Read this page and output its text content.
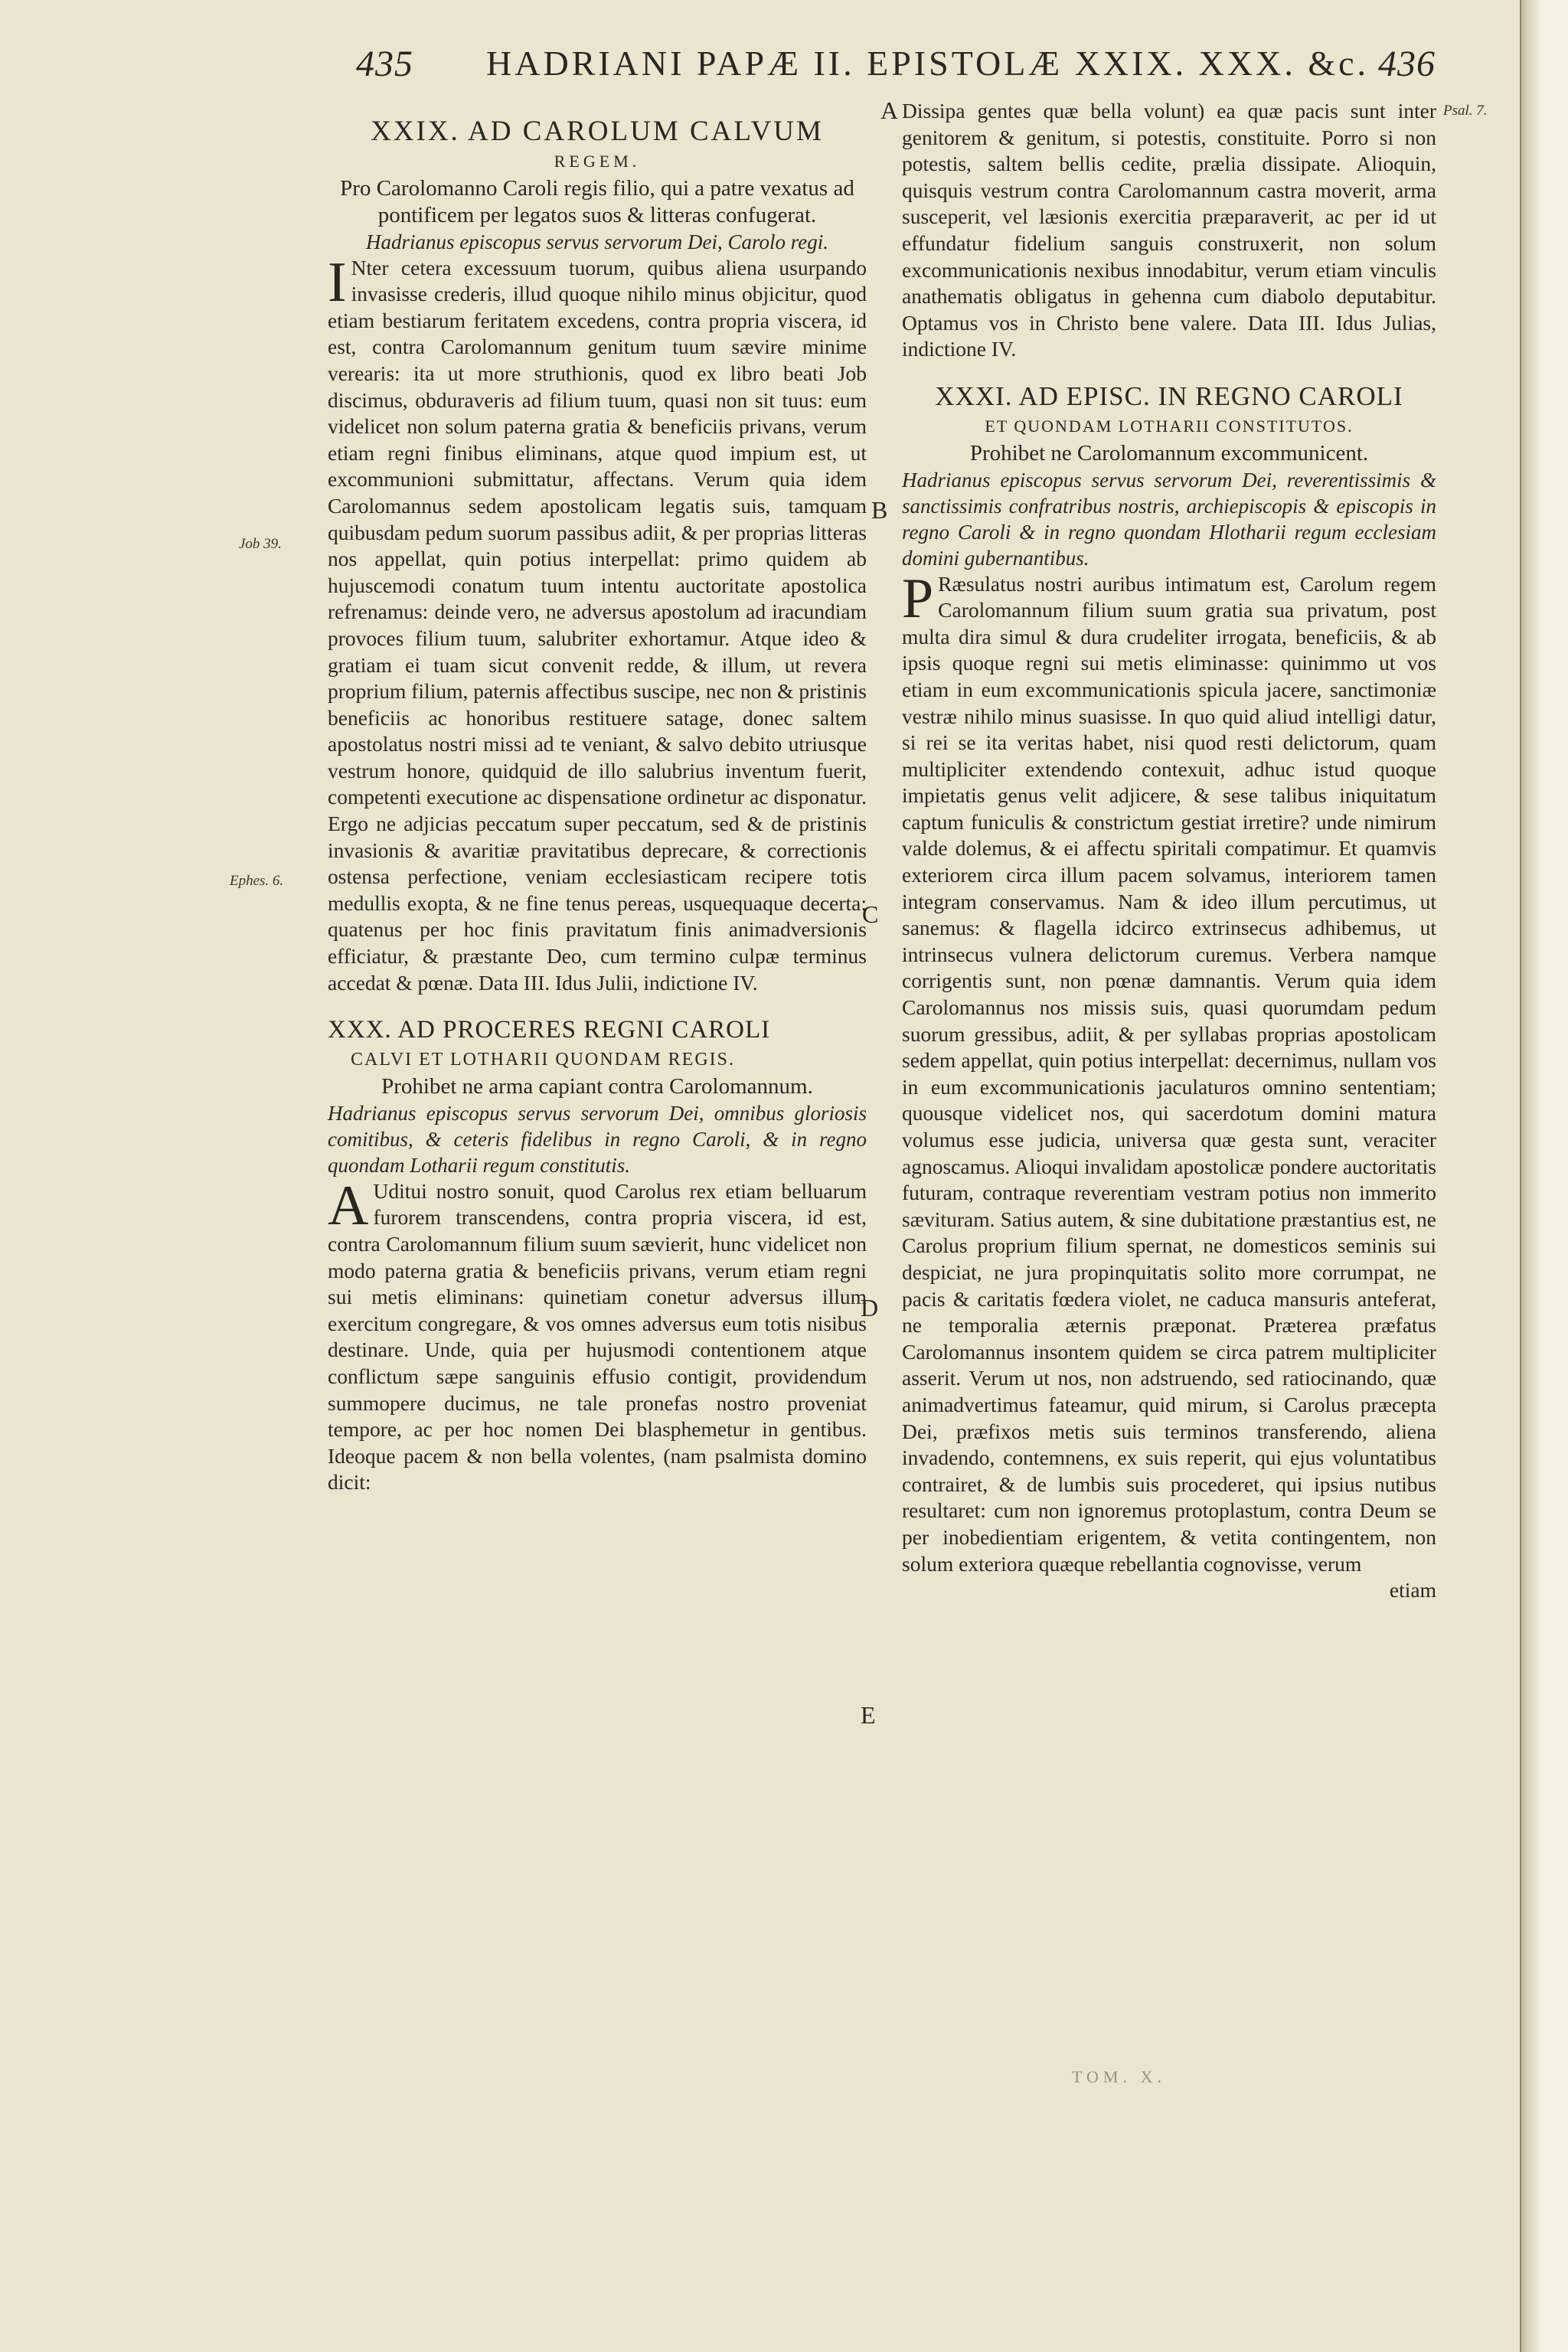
435 HADRIANI PAPÆ II. EPISTOLÆ XXIX. XXX. &c. 436

XXIX. AD CAROLUM CALVUM

REGEM.

Pro Carolomanno Caroli regis filio, qui a patre vexatus ad pontificem per legatos suos & litteras confugerat.

Hadrianus episcopus servus servorum Dei, Carolo regi.

I Nter cetera excessuum tuorum, quibus aliena usurpando invasisse crederis, illud quoque nihilo minus objicitur, quod etiam bestiarum feritatem excedens, contra propria viscera, id est, contra Carolomannum genitum tuum sævire minime verearis: ita ut more struthionis, quod ex libro beati Job discimus, obduraveris ad filium tuum, quasi non sit tuus: eum videlicet non solum paterna gratia & beneficiis privans, verum etiam regni finibus eliminans, atque quod impium est, ut excommunioni submittatur, affectans. Verum quia idem Carolomannus sedem apostolicam legatis suis, tamquam quibusdam pedum suorum passibus adiit, & per proprias litteras nos appellat, quin potius interpellat: primo quidem ab hujuscemodi conatum tuum intentu auctoritate apostolica refrenamus: deinde vero, ne adversus apostolum ad iracundiam provoces filium tuum, salubriter exhortamur. Atque ideo & gratiam ei tuam sicut convenit redde, & illum, ut revera proprium filium, paternis affectibus suscipe, nec non & pristinis beneficiis ac honoribus restituere satage, donec saltem apostolatus nostri missi ad te veniant, & salvo debito utriusque vestrum honore, quidquid de illo salubrius inventum fuerit, competenti executione ac dispensatione ordinetur ac disponatur. Ergo ne adjicias peccatum super peccatum, sed & de pristinis invasionis & avaritiæ pravitatibus deprecare, & correctionis ostensa perfectione, veniam ecclesiasticam recipere totis medullis exopta, & ne fine tenus pereas, usquequaque decerta: quatenus per hoc finis pravitatum finis animadversionis efficiatur, & præstante Deo, cum termino culpæ terminus accedat & pœnæ. Data III. Idus Julii, indictione IV.

XXX. AD PROCERES REGNI CAROLI

CALVI ET LOTHARII QUONDAM REGIS.

Prohibet ne arma capiant contra Carolomannum.

Hadrianus episcopus servus servorum Dei, omnibus gloriosis comitibus, & ceteris fidelibus in regno Caroli, & in regno quondam Lotharii regum constitutis.

A Uditui nostro sonuit, quod Carolus rex etiam belluarum furorem transcendens, contra propria viscera, id est, contra Carolomannum filium suum sævierit, hunc videlicet non modo paterna gratia & beneficiis privans, verum etiam regni sui metis eliminans: quinetiam conetur adversus illum exercitum congregare, & vos omnes adversus eum totis nisibus destinare. Unde, quia per hujusmodi contentionem atque conflictum sæpe sanguinis effusio contigit, providendum summopere ducimus, ne tale pronefas nostro proveniat tempore, ac per hoc nomen Dei blasphemetur in gentibus. Ideoque pacem & non bella volentes, (nam psalmista domino dicit:

Dissipa gentes quæ bella volunt) ea quæ pacis sunt inter genitorem & genitum, si potestis, constituite. Porro si non potestis, saltem bellis cedite, prælia dissipate. Alioquin, quisquis vestrum contra Carolomannum castra moverit, arma susceperit, vel læsionis exercitia præparaverit, ac per id ut effundatur fidelium sanguis construxerit, non solum excommunicationis nexibus innodabitur, verum etiam vinculis anathematis obligatus in gehenna cum diabolo deputabitur. Optamus vos in Christo bene valere. Data III. Idus Julias, indictione IV.

XXXI. AD EPISC. IN REGNO CAROLI

ET QUONDAM LOTHARII CONSTITUTOS.

Prohibet ne Carolomannum excommunicent.

Hadrianus episcopus servus servorum Dei, reverentissimis & sanctissimis confratribus nostris, archiepiscopis & episcopis in regno Caroli & in regno quondam Hlotharii regum ecclesiam domini gubernantibus.

P Ræsulatus nostri auribus intimatum est, Carolum regem Carolomannum filium suum gratia sua privatum, post multa dira simul & dura crudeliter irrogata, beneficiis, & ab ipsis quoque regni sui metis eliminasse: quinimmo ut vos etiam in eum excommunicationis spicula jacere, sanctimoniæ vestræ nihilo minus suasisse. In quo quid aliud intelligi datur, si rei se ita veritas habet, nisi quod resti delictorum, quam multipliciter extendendo contexuit, adhuc istud quoque impietatis genus velit adjicere, & sese talibus iniquitatum captum funiculis & constrictum gestiat irretire? unde nimirum valde dolemus, & ei affectu spiritali compatimur. Et quamvis exteriorem circa illum pacem solvamus, interiorem tamen integram conservamus. Nam & ideo illum percutimus, ut sanemus: & flagella idcirco extrinsecus adhibemus, ut intrinsecus vulnera delictorum curemus. Verbera namque corrigentis sunt, non pœnæ damnantis. Verum quia idem Carolomannus nos missis suis, quasi quorumdam pedum suorum gressibus, adiit, & per syllabas proprias apostolicam sedem appellat, quin potius interpellat: decernimus, nullam vos in eum excommunicationis jaculaturos omnino sententiam; quousque videlicet nos, qui sacerdotum domini matura volumus esse judicia, universa quæ gesta sunt, veraciter agnoscamus. Alioqui invalidam apostolicæ pondere auctoritatis futuram, contraque reverentiam vestram potius non immerito sævituram. Satius autem, & sine dubitatione præstantius est, ne Carolus proprium filium spernat, ne domesticos seminis sui despiciat, ne jura propinquitatis solito more corrumpat, ne pacis & caritatis fœdera violet, ne caduca mansuris anteferat, ne temporalia æternis præponat. Præterea præfatus Carolomannus insontem quidem se circa patrem multipliciter asserit. Verum ut nos, non adstruendo, sed ratiocinando, quæ animadvertimus fateamur, quid mirum, si Carolus præcepta Dei, præfixos metis suis terminos transferendo, aliena invadendo, contemnens, ex suis reperit, qui ejus voluntatibus contrairet, & de lumbis suis procederet, qui ipsius nutibus resultaret: cum non ignoremus protoplastum, contra Deum se per inobedientiam erigentem, & vetita contingentem, non solum exteriora quæque rebellantia cognovisse, verum

etiam

Job 39.
Ephes. 6.
Psal. 7.
A
B
C
D
E
TOM. X.
